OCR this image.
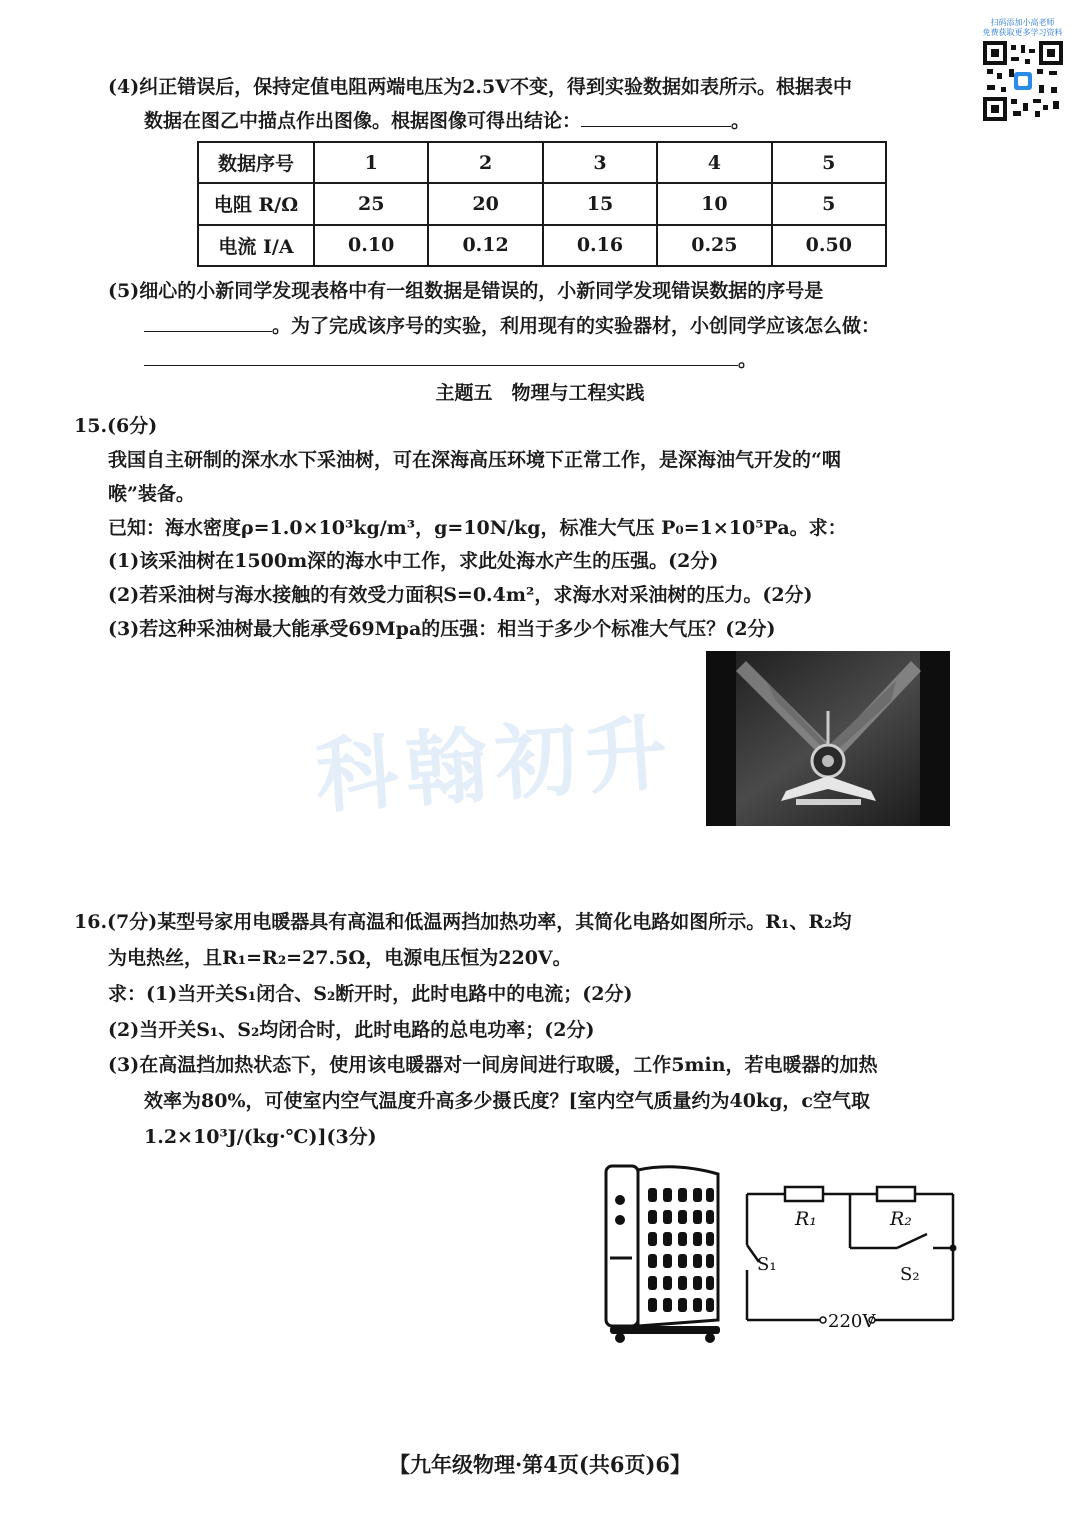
扫码添加小高老师
免费获取更多学习资料
(4)纠正错误后，保持定值电阻两端电压为2.5V不变，得到实验数据如表所示。根据表中
数据在图乙中描点作出图像。根据图像可得出结论：	。
数据序号	1	2	3	4	5
电阻 R/Ω	25	20	15	10	5
电流 I/A	0.10	0.12	0.16	0.25	0.50
(5)细心的小新同学发现表格中有一组数据是错误的，小新同学发现错误数据的序号是
。为了完成该序号的实验，利用现有的实验器材，小创同学应该怎么做：
。
主题五　物理与工程实践
15.(6分)
我国自主研制的深水水下采油树，可在深海高压环境下正常工作，是深海油气开发的“咽
喉”装备。
已知：海水密度ρ=1.0×10³kg/m³，g=10N/kg，标准大气压 P₀=1×10⁵Pa。求：
(1)该采油树在1500m深的海水中工作，求此处海水产生的压强。(2分)
(2)若采油树与海水接触的有效受力面积S=0.4m²，求海水对采油树的压力。(2分)
(3)若这种采油树最大能承受69Mpa的压强：相当于多少个标准大气压？(2分)
科翰初升
16.(7分)某型号家用电暖器具有高温和低温两挡加热功率，其简化电路如图所示。R₁、R₂均
为电热丝，且R₁=R₂=27.5Ω，电源电压恒为220V。
求：(1)当开关S₁闭合、S₂断开时，此时电路中的电流；(2分)
(2)当开关S₁、S₂均闭合时，此时电路的总电功率；(2分)
(3)在高温挡加热状态下，使用该电暖器对一间房间进行取暖，工作5min，若电暖器的加热
效率为80%，可使室内空气温度升高多少摄氏度？[室内空气质量约为40kg，c空气取
1.2×10³J/(kg·℃)](3分)
R₁	R₂
S₁	S₂
220V
【九年级物理·第4页(共6页)6】
